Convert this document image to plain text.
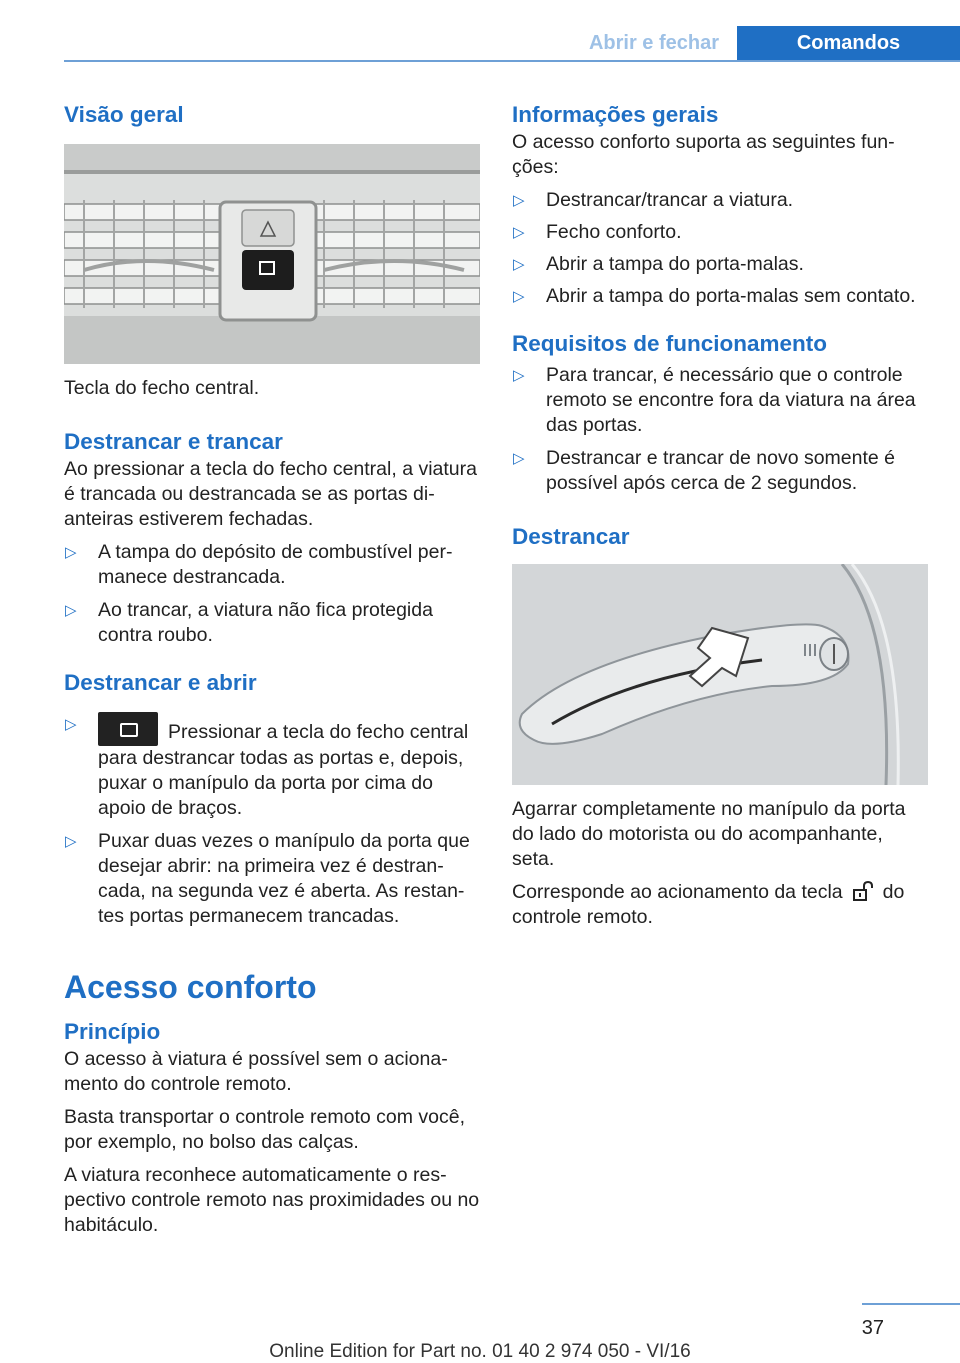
Abrir e fechar	Comandos
Visão geral

Tecla do fecho central.

Destrancar e trancar

Ao pressionar a tecla do fecho central, a viatura é trancada ou destrancada se as portas dianteiras estiverem fechadas.

▷ A tampa do depósito de combustível permanece destrancada.
▷ Ao trancar, a viatura não fica protegida contra roubo.
Destrancar e abrir
▷	Pressionar a tecla do fecho central para destrancar todas as portas e, depois, puxar o manípulo da porta por cima do apoio de braços.
▷ Puxar duas vezes o manípulo da porta que desejar abrir: na primeira vez é destrancada, na segunda vez é aberta. As restantes portas permanecem trancadas.
Acesso conforto
Princípio

O acesso à viatura é possível sem o acionamento do controle remoto.

Basta transportar o controle remoto com você, por exemplo, no bolso das calças.

A viatura reconhece automaticamente o respectivo controle remoto nas proximidades ou no habitáculo.

Informações gerais

O acesso conforto suporta as seguintes funções:

▷ Destrancar/trancar a viatura.
▷ Fecho conforto.
▷ Abrir a tampa do porta-malas.
▷ Abrir a tampa do porta-malas sem contato.
Requisitos de funcionamento
▷ Para trancar, é necessário que o controle remoto se encontre fora da viatura na área das portas.
▷ Destrancar e trancar de novo somente é possível após cerca de 2 segundos.
Destrancar

Agarrar completamente no manípulo da porta do lado do motorista ou do acompanhante, seta.

Corresponde ao acionamento da tecla do controle remoto.

37
Online Edition for Part no. 01 40 2 974 050 - VI/16
